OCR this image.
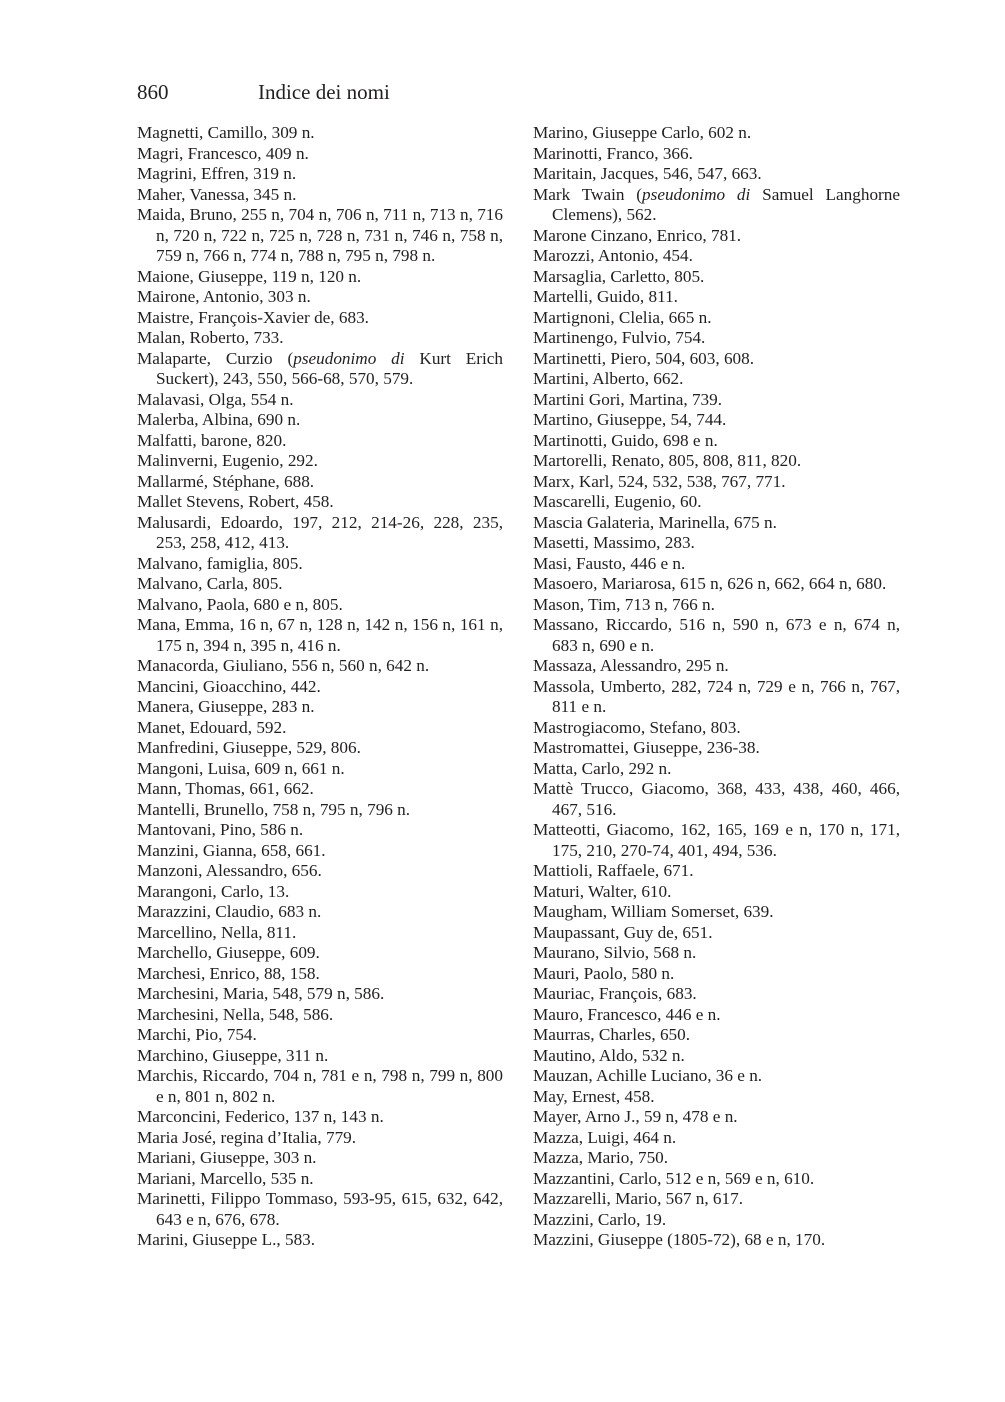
860	Indice dei nomi
Magnetti, Camillo, 309 n.
Magri, Francesco, 409 n.
Magrini, Effren, 319 n.
Maher, Vanessa, 345 n.
Maida, Bruno, 255 n, 704 n, 706 n, 711 n, 713 n, 716 n, 720 n, 722 n, 725 n, 728 n, 731 n, 746 n, 758 n, 759 n, 766 n, 774 n, 788 n, 795 n, 798 n.
Maione, Giuseppe, 119 n, 120 n.
Mairone, Antonio, 303 n.
Maistre, François-Xavier de, 683.
Malan, Roberto, 733.
Malaparte, Curzio (pseudonimo di Kurt Erich Suckert), 243, 550, 566-68, 570, 579.
Malavasi, Olga, 554 n.
Malerba, Albina, 690 n.
Malfatti, barone, 820.
Malinverni, Eugenio, 292.
Mallarmé, Stéphane, 688.
Mallet Stevens, Robert, 458.
Malusardi, Edoardo, 197, 212, 214-26, 228, 235, 253, 258, 412, 413.
Malvano, famiglia, 805.
Malvano, Carla, 805.
Malvano, Paola, 680 e n, 805.
Mana, Emma, 16 n, 67 n, 128 n, 142 n, 156 n, 161 n, 175 n, 394 n, 395 n, 416 n.
Manacorda, Giuliano, 556 n, 560 n, 642 n.
Mancini, Gioacchino, 442.
Manera, Giuseppe, 283 n.
Manet, Edouard, 592.
Manfredini, Giuseppe, 529, 806.
Mangoni, Luisa, 609 n, 661 n.
Mann, Thomas, 661, 662.
Mantelli, Brunello, 758 n, 795 n, 796 n.
Mantovani, Pino, 586 n.
Manzini, Gianna, 658, 661.
Manzoni, Alessandro, 656.
Marangoni, Carlo, 13.
Marazzini, Claudio, 683 n.
Marcellino, Nella, 811.
Marchello, Giuseppe, 609.
Marchesi, Enrico, 88, 158.
Marchesini, Maria, 548, 579 n, 586.
Marchesini, Nella, 548, 586.
Marchi, Pio, 754.
Marchino, Giuseppe, 311 n.
Marchis, Riccardo, 704 n, 781 e n, 798 n, 799 n, 800 e n, 801 n, 802 n.
Marconcini, Federico, 137 n, 143 n.
Maria José, regina d’Italia, 779.
Mariani, Giuseppe, 303 n.
Mariani, Marcello, 535 n.
Marinetti, Filippo Tommaso, 593-95, 615, 632, 642, 643 e n, 676, 678.
Marini, Giuseppe L., 583.
Marino, Giuseppe Carlo, 602 n.
Marinotti, Franco, 366.
Maritain, Jacques, 546, 547, 663.
Mark Twain (pseudonimo di Samuel Langhorne Clemens), 562.
Marone Cinzano, Enrico, 781.
Marozzi, Antonio, 454.
Marsaglia, Carletto, 805.
Martelli, Guido, 811.
Martignoni, Clelia, 665 n.
Martinengo, Fulvio, 754.
Martinetti, Piero, 504, 603, 608.
Martini, Alberto, 662.
Martini Gori, Martina, 739.
Martino, Giuseppe, 54, 744.
Martinotti, Guido, 698 e n.
Martorelli, Renato, 805, 808, 811, 820.
Marx, Karl, 524, 532, 538, 767, 771.
Mascarelli, Eugenio, 60.
Mascia Galateria, Marinella, 675 n.
Masetti, Massimo, 283.
Masi, Fausto, 446 e n.
Masoero, Mariarosa, 615 n, 626 n, 662, 664 n, 680.
Mason, Tim, 713 n, 766 n.
Massano, Riccardo, 516 n, 590 n, 673 e n, 674 n, 683 n, 690 e n.
Massaza, Alessandro, 295 n.
Massola, Umberto, 282, 724 n, 729 e n, 766 n, 767, 811 e n.
Mastrogiacomo, Stefano, 803.
Mastromattei, Giuseppe, 236-38.
Matta, Carlo, 292 n.
Mattè Trucco, Giacomo, 368, 433, 438, 460, 466, 467, 516.
Matteotti, Giacomo, 162, 165, 169 e n, 170 n, 171, 175, 210, 270-74, 401, 494, 536.
Mattioli, Raffaele, 671.
Maturi, Walter, 610.
Maugham, William Somerset, 639.
Maupassant, Guy de, 651.
Maurano, Silvio, 568 n.
Mauri, Paolo, 580 n.
Mauriac, François, 683.
Mauro, Francesco, 446 e n.
Maurras, Charles, 650.
Mautino, Aldo, 532 n.
Mauzan, Achille Luciano, 36 e n.
May, Ernest, 458.
Mayer, Arno J., 59 n, 478 e n.
Mazza, Luigi, 464 n.
Mazza, Mario, 750.
Mazzantini, Carlo, 512 e n, 569 e n, 610.
Mazzarelli, Mario, 567 n, 617.
Mazzini, Carlo, 19.
Mazzini, Giuseppe (1805-72), 68 e n, 170.
